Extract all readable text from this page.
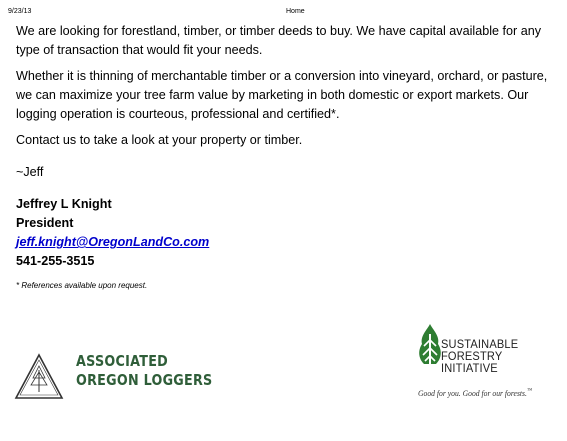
9/23/13	Home

We are looking for forestland, timber, or timber deeds to buy. We have capital available for any type of transaction that would fit your needs.

Whether it is thinning of merchantable timber or a conversion into vineyard, orchard, or pasture, we can maximize your tree farm value by marketing in both domestic or export markets. Our logging operation is courteous, professional and certified*.

Contact us to take a look at your property or timber.

~Jeff

Jeffrey L Knight

President

jeff.knight@OregonLandCo.com

541-255-3515

* References available upon request.

ASSOCIATED
OREGON LOGGERS
SUSTAINABLE
FORESTRY
INITIATIVE
Good for you. Good for our forests.™
